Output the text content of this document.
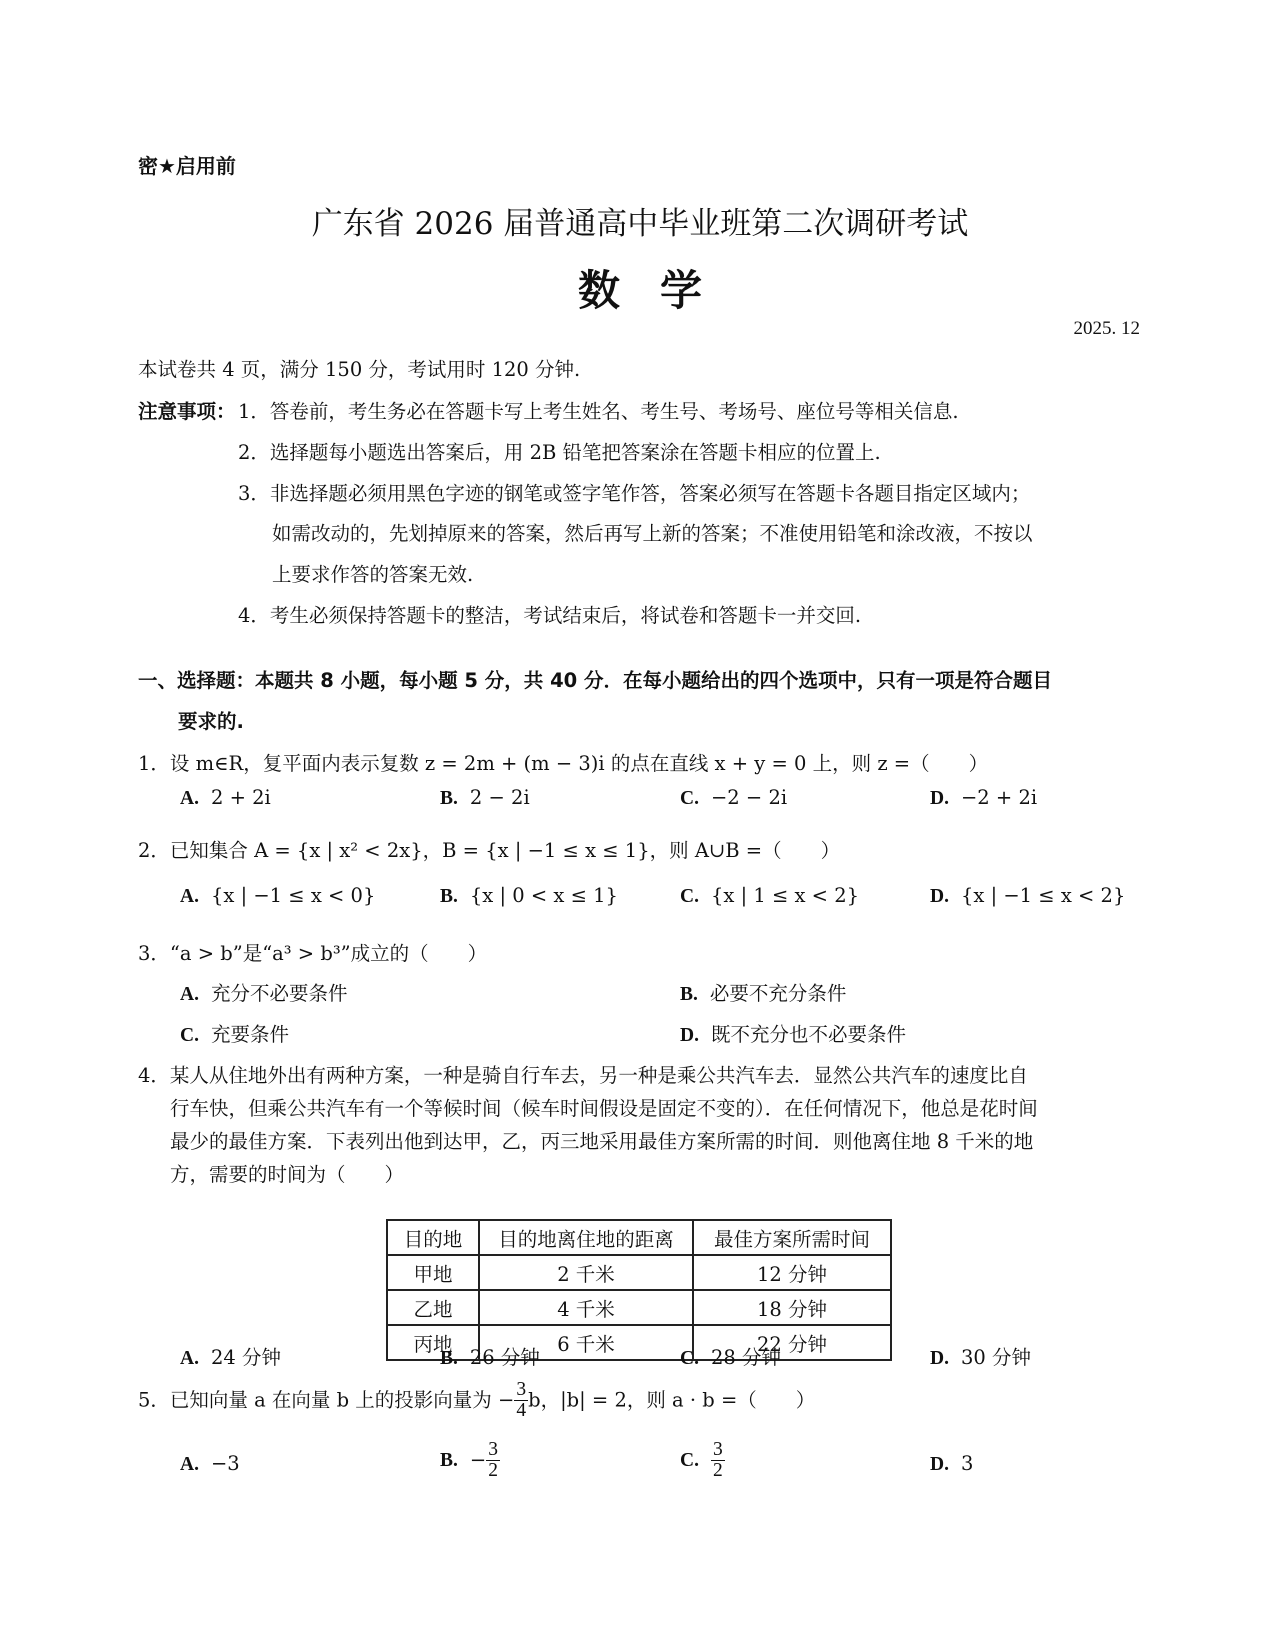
密★启用前
广东省 2026 届普通高中毕业班第二次调研考试
数学
2025. 12
本试卷共 4 页，满分 150 分，考试用时 120 分钟.
注意事项： 1．答卷前，考生务必在答题卡写上考生姓名、考生号、考场号、座位号等相关信息.
2．选择题每小题选出答案后，用 2B 铅笔把答案涂在答题卡相应的位置上.
3．非选择题必须用黑色字迹的钢笔或签字笔作答，答案必须写在答题卡各题目指定区域内；
如需改动的，先划掉原来的答案，然后再写上新的答案；不准使用铅笔和涂改液，不按以
上要求作答的答案无效.
4．考生必须保持答题卡的整洁，考试结束后，将试卷和答题卡一并交回.
一、选择题：本题共 8 小题，每小题 5 分，共 40 分．在每小题给出的四个选项中，只有一项是符合题目
要求的.
1．设 m∈R，复平面内表示复数 z = 2m + (m − 3)i 的点在直线 x + y = 0 上，则 z =（　　）
A. 2 + 2i	B. 2 − 2i	C. −2 − 2i	D. −2 + 2i
2．已知集合 A = {x | x² < 2x}，B = {x | −1 ≤ x ≤ 1}，则 A∪B =（　　）
A. {x | −1 ≤ x < 0}	B. {x | 0 < x ≤ 1}	C. {x | 1 ≤ x < 2}	D. {x | −1 ≤ x < 2}
3．“a > b”是“a³ > b³”成立的（　　）
A. 充分不必要条件	B. 必要不充分条件
C. 充要条件	D. 既不充分也不必要条件
4．某人从住地外出有两种方案，一种是骑自行车去，另一种是乘公共汽车去．显然公共汽车的速度比自
行车快，但乘公共汽车有一个等候时间（候车时间假设是固定不变的）．在任何情况下，他总是花时间
最少的最佳方案．下表列出他到达甲，乙，丙三地采用最佳方案所需的时间．则他离住地 8 千米的地
方，需要的时间为（　　）
目的地	目的地离住地的距离	最佳方案所需时间
甲地	2 千米	12 分钟
乙地	4 千米	18 分钟
丙地	6 千米	22 分钟
A. 24 分钟	B. 26 分钟	C. 28 分钟	D. 30 分钟
5．已知向量 a 在向量 b 上的投影向量为 − $\frac{3}{4}$ b，|b| = 2，则 a · b =（　　）
A. −3	B. − $\frac{3}{2}$	C. $\frac{3}{2}$	D. 3
